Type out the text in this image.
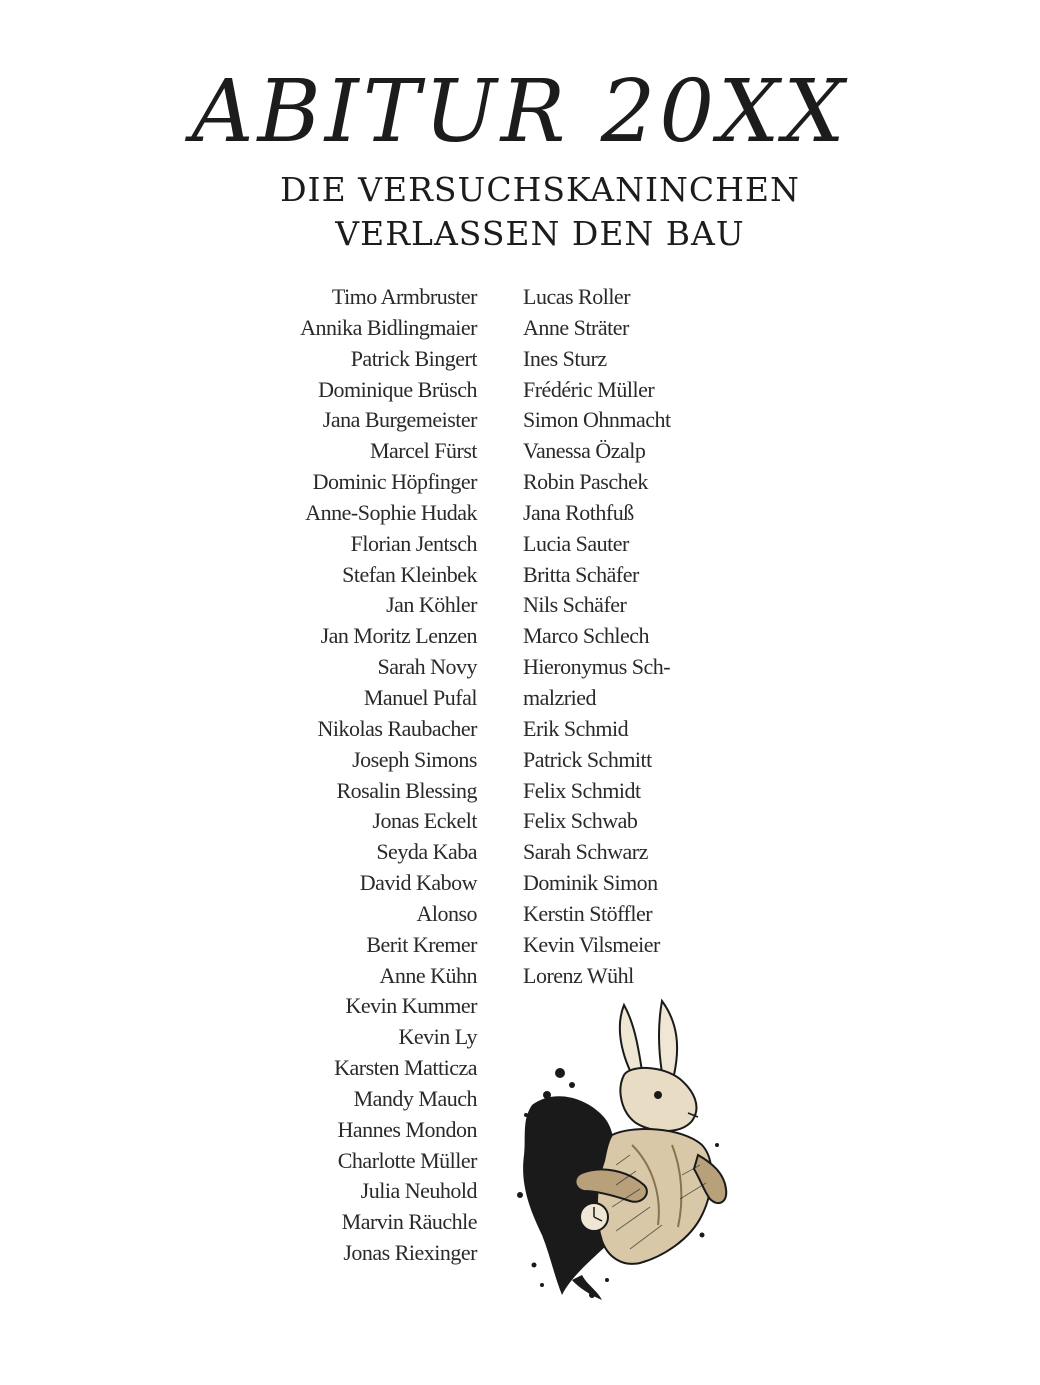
ABITUR 20XX
DIE VERSUCHSKANINCHEN
VERLASSEN DEN BAU
Timo Armbruster
Annika Bidlingmaier
Patrick Bingert
Dominique Brüsch
Jana Burgemeister
Marcel Fürst
Dominic Höpfinger
Anne-Sophie Hudak
Florian Jentsch
Stefan Kleinbek
Jan Köhler
Jan Moritz Lenzen
Sarah Novy
Manuel Pufal
Nikolas Raubacher
Joseph Simons
Rosalin Blessing
Jonas Eckelt
Seyda Kaba
David Kabow
Alonso
Berit Kremer
Anne Kühn
Kevin Kummer
Kevin Ly
Karsten Matticza
Mandy Mauch
Hannes Mondon
Charlotte Müller
Julia Neuhold
Marvin Räuchle
Jonas Riexinger
Lucas Roller
Anne Sträter
Ines Sturz
Frédéric Müller
Simon Ohnmacht
Vanessa Özalp
Robin Paschek
Jana Rothfuß
Lucia Sauter
Britta Schäfer
Nils Schäfer
Marco Schlech
Hieronymus Sch-
malzried
Erik Schmid
Patrick Schmitt
Felix Schmidt
Felix Schwab
Sarah Schwarz
Dominik Simon
Kerstin Stöffler
Kevin Vilsmeier
Lorenz Wühl
